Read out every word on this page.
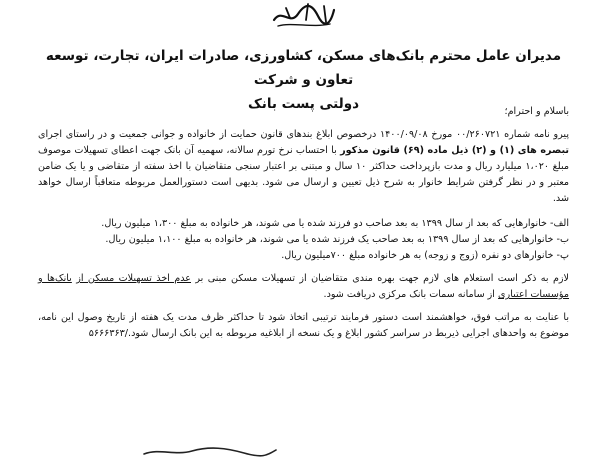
مدیران عامل محترم بانک‌های مسکن، کشاورزی، صادرات ایران، تجارت، توسعه تعاون و شرکت
دولتی پست بانک	باسلام و احترام؛

پیرو نامه شماره ۰۰/۲۶۰۷۲۱ مورخ ۱۴۰۰/۰۹/۰۸ درخصوص ابلاغ بندهای قانون حمایت از خانواده و جوانی جمعیت و در راستای اجرای تبصره های (۱) و (۲) ذیل ماده (۶۹) قانون مذکور با احتساب نرخ تورم سالانه، سهمیه آن بانک جهت اعطای تسهیلات موصوف مبلغ ۱،۰۲۰ میلیارد ریال و مدت بازپرداخت حداکثر ۱۰ سال و مبتنی بر اعتبار سنجی متقاضیان با اخذ سفته از متقاضی و یا یک ضامن معتبر و در نظر گرفتن شرایط خانوار به شرح ذیل تعیین و ارسال می شود. بدیهی است دستورالعمل مربوطه متعاقباً ارسال خواهد شد.

الف- خانوارهایی که بعد از سال ۱۳۹۹ به بعد صاحب دو فرزند شده یا می شوند، هر خانواده به مبلغ ۱،۳۰۰ میلیون ریال.

ب- خانوارهایی که بعد از سال ۱۳۹۹ به بعد صاحب یک فرزند شده یا می شوند، هر خانواده به مبلغ ۱،۱۰۰ میلیون ریال.

پ- خانوارهای دو نفره (زوج و زوجه) به هر خانواده مبلغ ۷۰۰میلیون ریال.

لازم به ذکر است استعلام های لازم جهت بهره مندی متقاضیان از تسهیلات مسکن مبنی بر عدم اخذ تسهیلات مسکن از بانک‌ها و مؤسسات اعتباری از سامانه سمات بانک مرکزی دریافت شود.

با عنایت به مراتب فوق، خواهشمند است دستور فرمایند ترتیبی اتخاذ شود تا حداکثر ظرف مدت یک هفته از تاریخ وصول این نامه، موضوع به واحدهای اجرایی ذیربط در سراسر کشور ابلاغ و یک نسخه از ابلاغیه مربوطه به این بانک ارسال شود./۵۶۶۶۳۶۳
